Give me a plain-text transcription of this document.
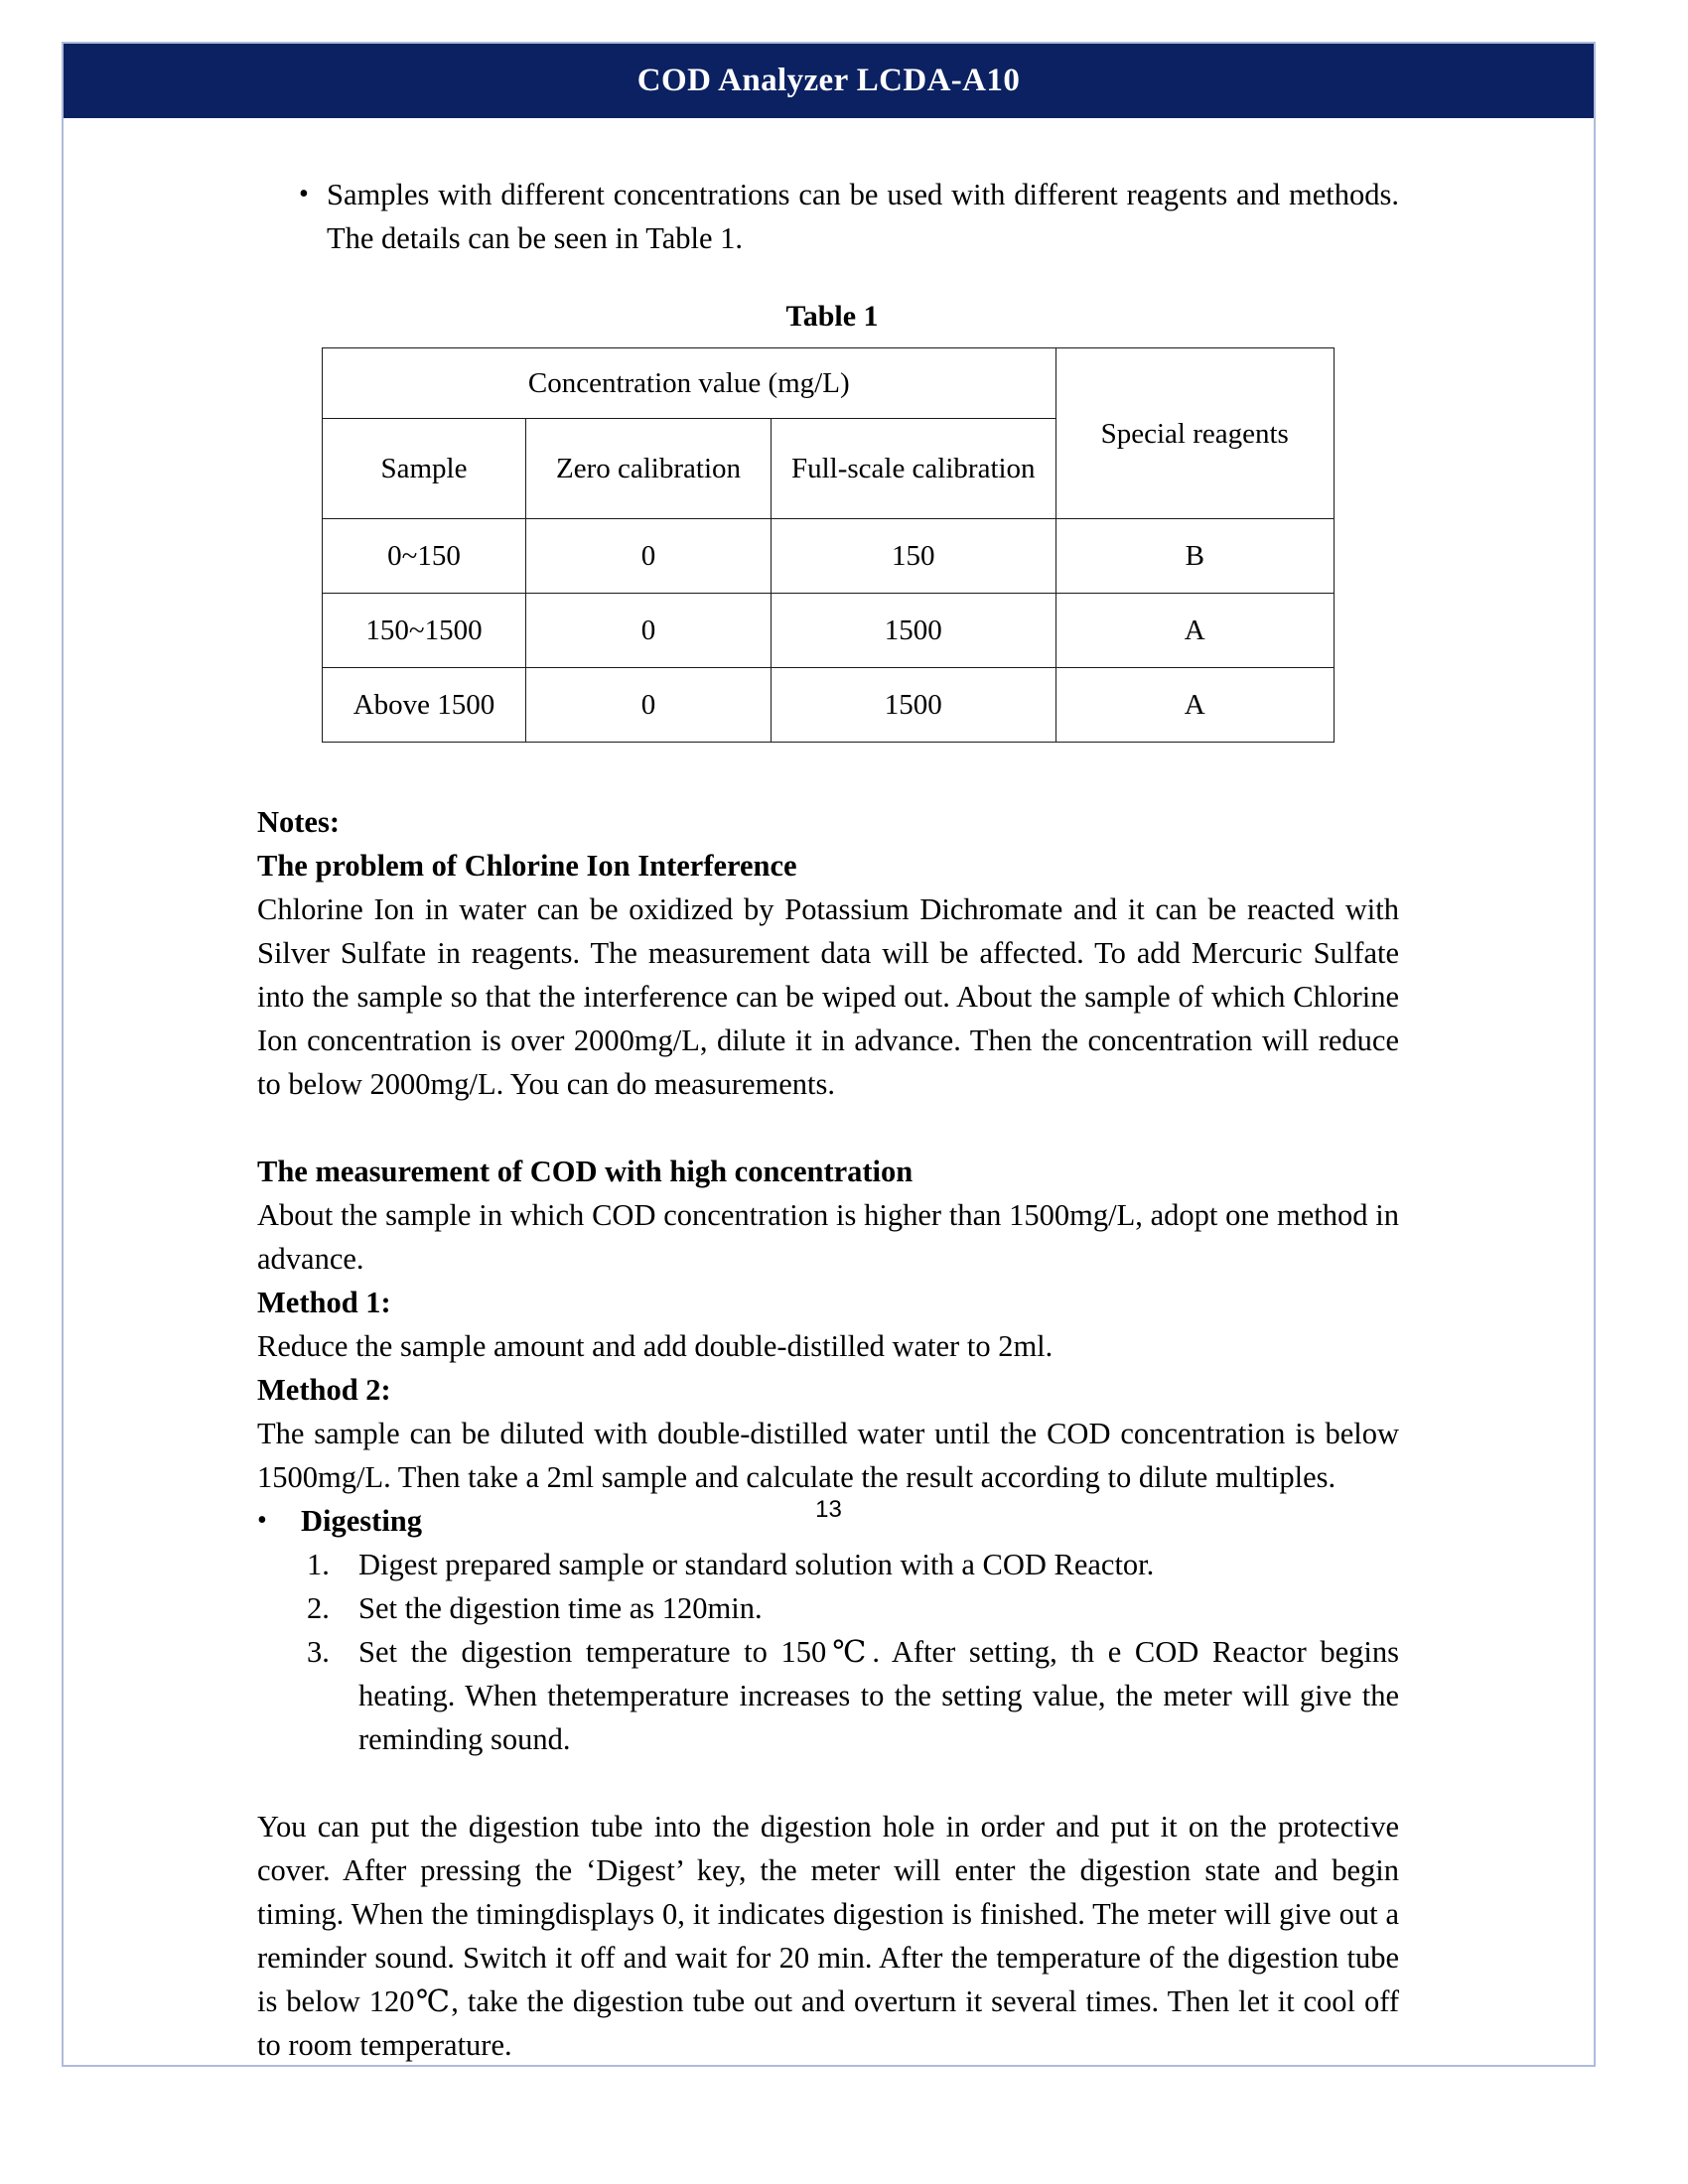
COD Analyzer LCDA-A10
• Samples with different concentrations can be used with different reagents and methods. The details can be seen in Table 1.
Table 1
Concentration value (mg/L)			Special reagents
Sample	Zero calibration	Full-scale calibration	
0~150	0	150	B
150~1500	0	1500	A
Above 1500	0	1500	A
Notes:
The problem of Chlorine Ion Interference
Chlorine Ion in water can be oxidized by Potassium Dichromate and it can be reacted with Silver Sulfate in reagents. The measurement data will be affected. To add Mercuric Sulfate into the sample so that the interference can be wiped out. About the sample of which Chlorine Ion concentration is over 2000mg/L, dilute it in advance. Then the concentration will reduce to below 2000mg/L. You can do measurements.
The measurement of COD with high concentration
About the sample in which COD concentration is higher than 1500mg/L, adopt one method in advance.
Method 1:
Reduce the sample amount and add double-distilled water to 2ml.
Method 2:
The sample can be diluted with double-distilled water until the COD concentration is below 1500mg/L. Then take a 2ml sample and calculate the result according to dilute multiples.
•	Digesting
1. Digest prepared sample or standard solution with a COD Reactor.
2. Set the digestion time as 120min.
3. Set the digestion temperature to 150℃. After setting, th e COD Reactor begins heating. When thetemperature increases to the setting value, the meter will give the reminding sound.
You can put the digestion tube into the digestion hole in order and put it on the protective cover. After pressing the ‘Digest’ key, the meter will enter the digestion state and begin timing. When the timingdisplays 0, it indicates digestion is finished. The meter will give out a reminder sound. Switch it off and wait for 20 min. After the temperature of the digestion tube is below 120℃, take the digestion tube out and overturn it several times. Then let it cool off to room temperature.
13
